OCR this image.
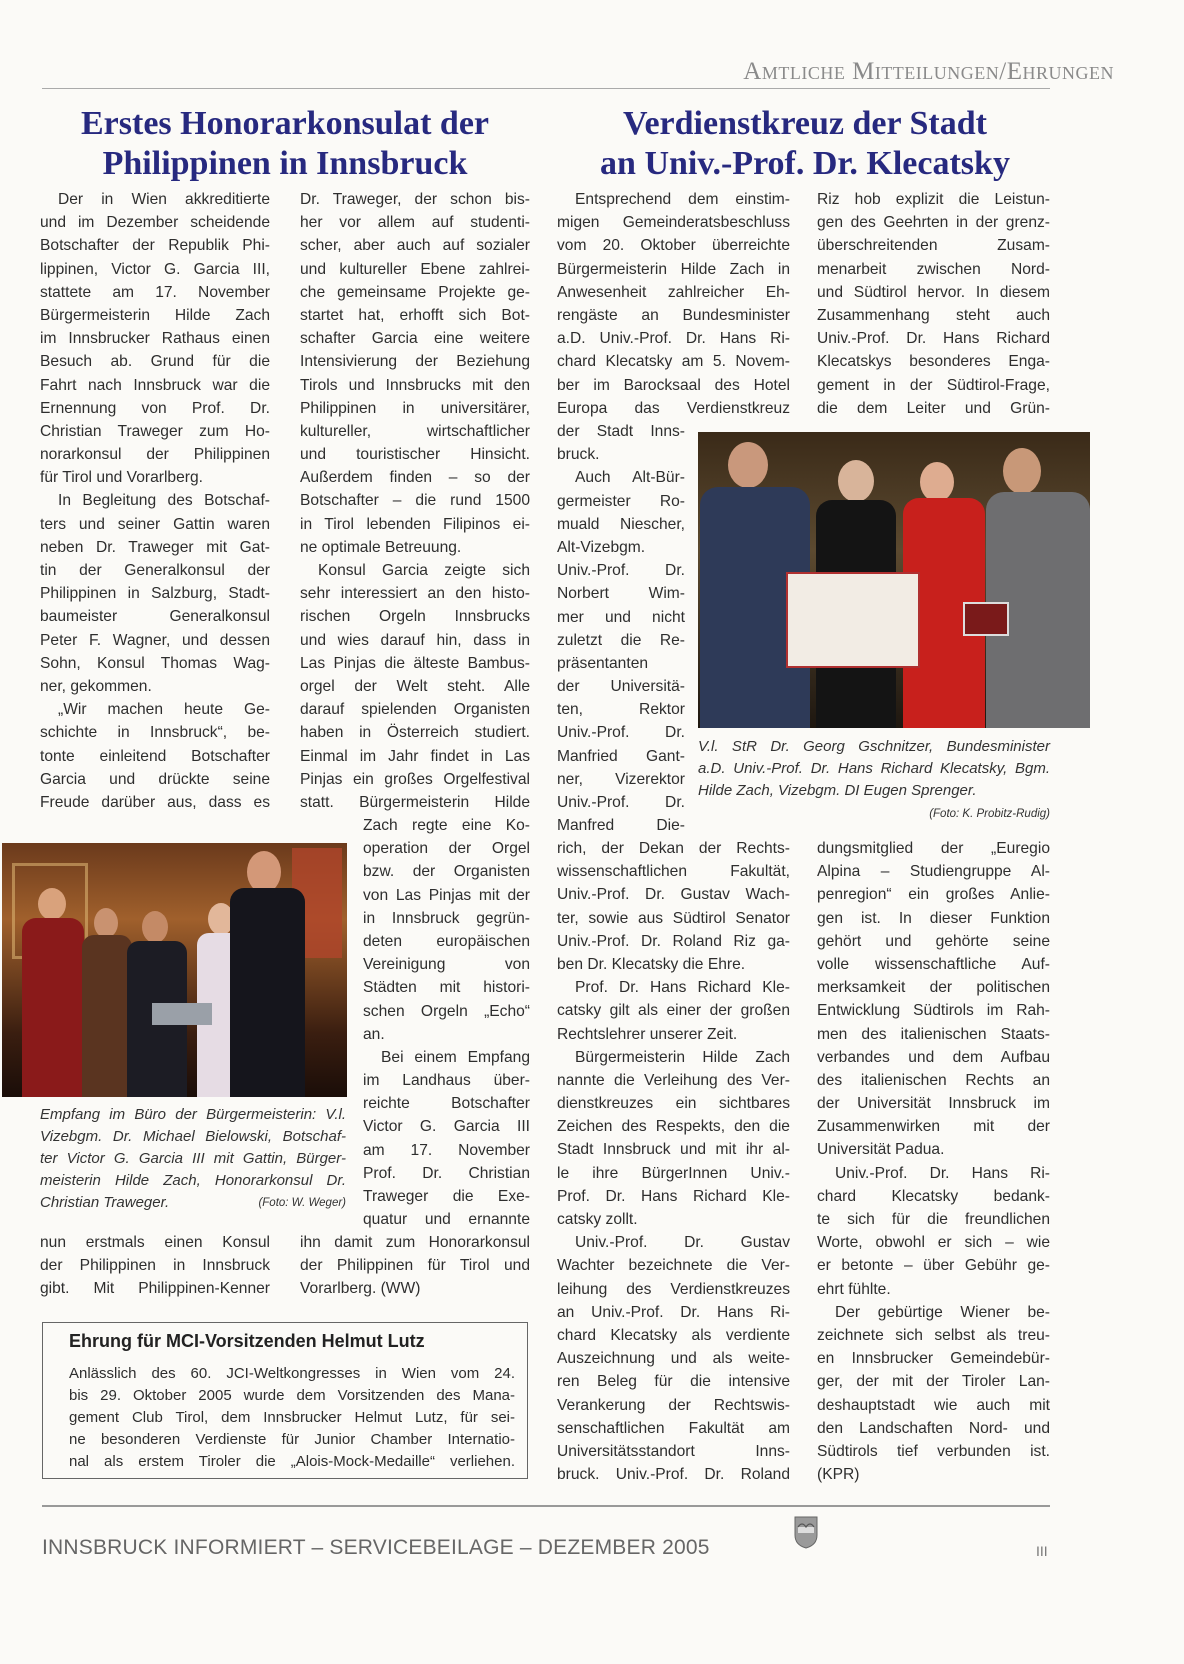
Amtliche Mitteilungen/Ehrungen
Erstes Honorarkonsulat der
Philippinen in Innsbruck
Verdienstkreuz der Stadt
an Univ.-Prof. Dr. Klecatsky
Der in Wien akkreditierte
und im Dezember scheidende
Botschafter der Republik Phi-
lippinen, Victor G. Garcia III,
stattete am 17. November
Bürgermeisterin Hilde Zach
im Innsbrucker Rathaus einen
Besuch ab. Grund für die
Fahrt nach Innsbruck war die
Ernennung von Prof. Dr.
Christian Traweger zum Ho-
norarkonsul der Philippinen
für Tirol und Vorarlberg.
In Begleitung des Botschaf-
ters und seiner Gattin waren
neben Dr. Traweger mit Gat-
tin der Generalkonsul der
Philippinen in Salzburg, Stadt-
baumeister Generalkonsul
Peter F. Wagner, und dessen
Sohn, Konsul Thomas Wag-
ner, gekommen.
„Wir machen heute Ge-
schichte in Innsbruck“, be-
tonte einleitend Botschafter
Garcia und drückte seine
Freude darüber aus, dass es
nun erstmals einen Konsul
der Philippinen in Innsbruck
gibt. Mit Philippinen-Kenner
Dr. Traweger, der schon bis-
her vor allem auf studenti-
scher, aber auch auf sozialer
und kultureller Ebene zahlrei-
che gemeinsame Projekte ge-
startet hat, erhofft sich Bot-
schafter Garcia eine weitere
Intensivierung der Beziehung
Tirols und Innsbrucks mit den
Philippinen in universitärer,
kultureller, wirtschaftlicher
und touristischer Hinsicht.
Außerdem finden – so der
Botschafter – die rund 1500
in Tirol lebenden Filipinos ei-
ne optimale Betreuung.
Konsul Garcia zeigte sich
sehr interessiert an den histo-
rischen Orgeln Innsbrucks
und wies darauf hin, dass in
Las Pinjas die älteste Bambus-
orgel der Welt steht. Alle
darauf spielenden Organisten
haben in Österreich studiert.
Einmal im Jahr findet in Las
Pinjas ein großes Orgelfestival
statt. Bürgermeisterin Hilde
Zach regte eine Ko-
operation der Orgel
bzw. der Organisten
von Las Pinjas mit der
in Innsbruck gegrün-
deten europäischen
Vereinigung von
Städten mit histori-
schen Orgeln „Echo“
an.
Bei einem Empfang
im Landhaus über-
reichte Botschafter
Victor G. Garcia III
am 17. November
Prof. Dr. Christian
Traweger die Exe-
quatur und ernannte
ihn damit zum Honorarkonsul
der Philippinen für Tirol und
Vorarlberg. (WW)
Entsprechend dem einstim-
migen Gemeinderatsbeschluss
vom 20. Oktober überreichte
Bürgermeisterin Hilde Zach in
Anwesenheit zahlreicher Eh-
rengäste an Bundesminister
a.D. Univ.-Prof. Dr. Hans Ri-
chard Klecatsky am 5. Novem-
ber im Barocksaal des Hotel
Europa das Verdienstkreuz
der Stadt Inns-
bruck.
Auch Alt-Bür-
germeister Ro-
muald Niescher,
Alt-Vizebgm.
Univ.-Prof. Dr.
Norbert Wim-
mer und nicht
zuletzt die Re-
präsentanten
der Universitä-
ten, Rektor
Univ.-Prof. Dr.
Manfried Gant-
ner, Vizerektor
Univ.-Prof. Dr.
Manfred Die-
rich, der Dekan der Rechts-
wissenschaftlichen Fakultät,
Univ.-Prof. Dr. Gustav Wach-
ter, sowie aus Südtirol Senator
Univ.-Prof. Dr. Roland Riz ga-
ben Dr. Klecatsky die Ehre.
Prof. Dr. Hans Richard Kle-
catsky gilt als einer der großen
Rechtslehrer unserer Zeit.
Bürgermeisterin Hilde Zach
nannte die Verleihung des Ver-
dienstkreuzes ein sichtbares
Zeichen des Respekts, den die
Stadt Innsbruck und mit ihr al-
le ihre BürgerInnen Univ.-
Prof. Dr. Hans Richard Kle-
catsky zollt.
Univ.-Prof. Dr. Gustav
Wachter bezeichnete die Ver-
leihung des Verdienstkreuzes
an Univ.-Prof. Dr. Hans Ri-
chard Klecatsky als verdiente
Auszeichnung und als weite-
ren Beleg für die intensive
Verankerung der Rechtswis-
senschaftlichen Fakultät am
Universitätsstandort Inns-
bruck. Univ.-Prof. Dr. Roland
Riz hob explizit die Leistun-
gen des Geehrten in der grenz-
überschreitenden Zusam-
menarbeit zwischen Nord-
und Südtirol hervor. In diesem
Zusammenhang steht auch
Univ.-Prof. Dr. Hans Richard
Klecatskys besonderes Enga-
gement in der Südtirol-Frage,
die dem Leiter und Grün-
dungsmitglied der „Euregio
Alpina – Studiengruppe Al-
penregion“ ein großes Anlie-
gen ist. In dieser Funktion
gehört und gehörte seine
volle wissenschaftliche Auf-
merksamkeit der politischen
Entwicklung Südtirols im Rah-
men des italienischen Staats-
verbandes und dem Aufbau
des italienischen Rechts an
der Universität Innsbruck im
Zusammenwirken mit der
Universität Padua.
Univ.-Prof. Dr. Hans Ri-
chard Klecatsky bedank-
te sich für die freundlichen
Worte, obwohl er sich – wie
er betonte – über Gebühr ge-
ehrt fühlte.
Der gebürtige Wiener be-
zeichnete sich selbst als treu-
en Innsbrucker Gemeindebür-
ger, der mit der Tiroler Lan-
deshauptstadt wie auch mit
den Landschaften Nord- und
Südtirols tief verbunden ist.
(KPR)
Empfang im Büro der Bürgermeisterin: V.l.
Vizebgm. Dr. Michael Bielowski, Botschaf-
ter Victor G. Garcia III mit Gattin, Bürger-
meisterin Hilde Zach, Honorarkonsul Dr.
Christian Traweger.	(Foto: W. Weger)
V.l. StR Dr. Georg Gschnitzer, Bundesminister
a.D. Univ.-Prof. Dr. Hans Richard Klecatsky, Bgm.
Hilde Zach, Vizebgm. DI Eugen Sprenger.
(Foto: K. Probitz-Rudig)
Ehrung für MCI-Vorsitzenden Helmut Lutz
Anlässlich des 60. JCI-Weltkongresses in Wien vom 24.
bis 29. Oktober 2005 wurde dem Vorsitzenden des Mana-
gement Club Tirol, dem Innsbrucker Helmut Lutz, für sei-
ne besonderen Verdienste für Junior Chamber Internatio-
nal als erstem Tiroler die „Alois-Mock-Medaille“ verliehen.
INNSBRUCK INFORMIERT – SERVICEBEILAGE – DEZEMBER 2005	III
